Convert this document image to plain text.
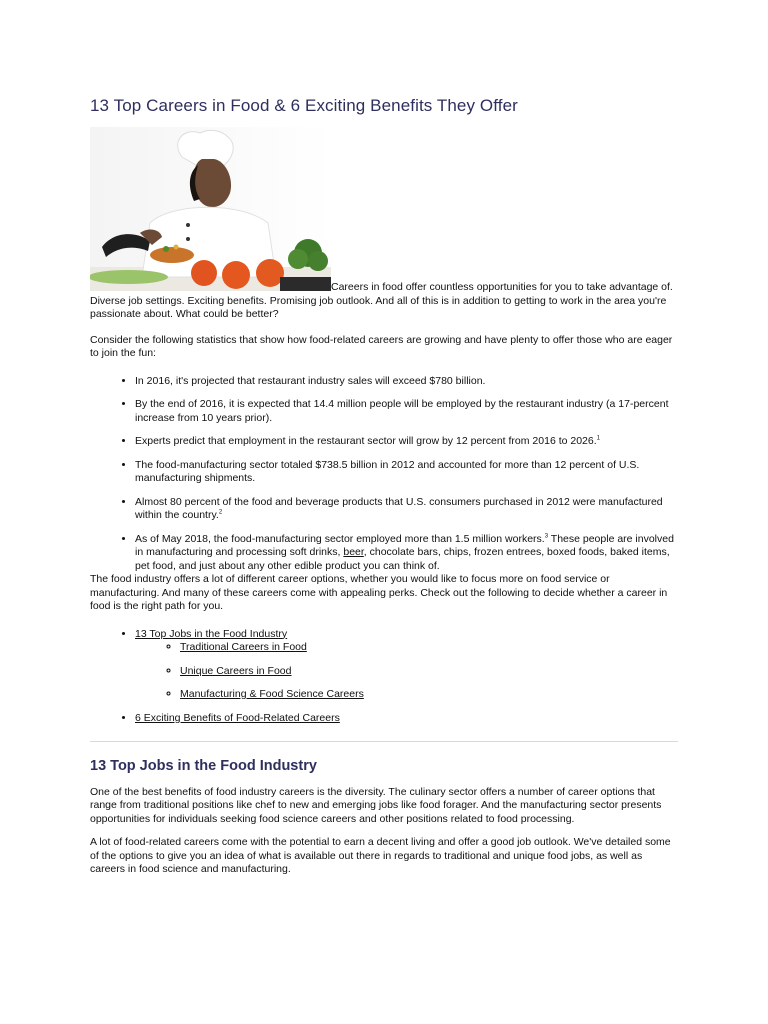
13 Top Careers in Food & 6 Exciting Benefits They Offer

Careers in food offer countless opportunities for you to take advantage of. Diverse job settings. Exciting benefits. Promising job outlook. And all of this is in addition to getting to work in the area you're passionate about. What could be better?

Consider the following statistics that show how food-related careers are growing and have plenty to offer those who are eager to join the fun:

• In 2016, it's projected that restaurant industry sales will exceed $780 billion.
• By the end of 2016, it is expected that 14.4 million people will be employed by the restaurant industry (a 17-percent increase from 10 years prior).
• Experts predict that employment in the restaurant sector will grow by 12 percent from 2016 to 2026.$^1$
• The food-manufacturing sector totaled $738.5 billion in 2012 and accounted for more than 12 percent of U.S. manufacturing shipments.
• Almost 80 percent of the food and beverage products that U.S. consumers purchased in 2012 were manufactured within the country.$^2$
• As of May 2018, the food-manufacturing sector employed more than 1.5 million workers.$^3$ These people are involved in manufacturing and processing soft drinks, beer, chocolate bars, chips, frozen entrees, boxed foods, baked items, pet food, and just about any other edible product you can think of.

The food industry offers a lot of different career options, whether you would like to focus more on food service or manufacturing. And many of these careers come with appealing perks. Check out the following to decide whether a career in food is the right path for you.

• 13 Top Jobs in the Food Industry
◦ Traditional Careers in Food
◦ Unique Careers in Food
◦ Manufacturing & Food Science Careers
• 6 Exciting Benefits of Food-Related Careers
13 Top Jobs in the Food Industry

One of the best benefits of food industry careers is the diversity. The culinary sector offers a number of career options that range from traditional positions like chef to new and emerging jobs like food forager. And the manufacturing sector presents opportunities for individuals seeking food science careers and other positions related to food processing.

A lot of food-related careers come with the potential to earn a decent living and offer a good job outlook. We've detailed some of the options to give you an idea of what is available out there in regards to traditional and unique food jobs, as well as careers in food science and manufacturing.
